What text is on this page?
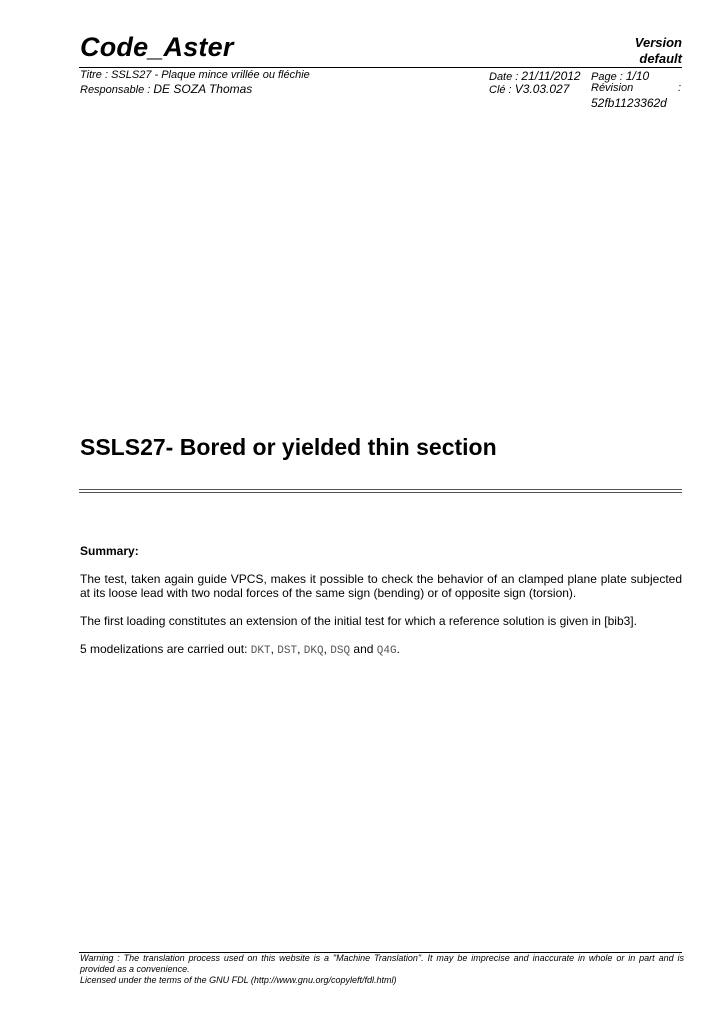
Code_Aster	Version
default
Titre : SSLS27 - Plaque mince vrillée ou fléchie
Responsable : DE SOZA Thomas
Date : 21/11/2012 Page : 1/10
Clé : V3.03.027 Révision	:
52fb1123362d
SSLS27- Bored or yielded thin section
Summary:
The test, taken again guide VPCS, makes it possible to check the behavior of an clamped plane plate subjected at its loose lead with two nodal forces of the same sign (bending) or of opposite sign (torsion).
The first loading constitutes an extension of the initial test for which a reference solution is given in [bib3].
5 modelizations are carried out: DKT, DST, DKQ, DSQ and Q4G.
Warning : The translation process used on this website is a "Machine Translation". It may be imprecise and inaccurate in whole or in part and is provided as a convenience.
Licensed under the terms of the GNU FDL (http://www.gnu.org/copyleft/fdl.html)
